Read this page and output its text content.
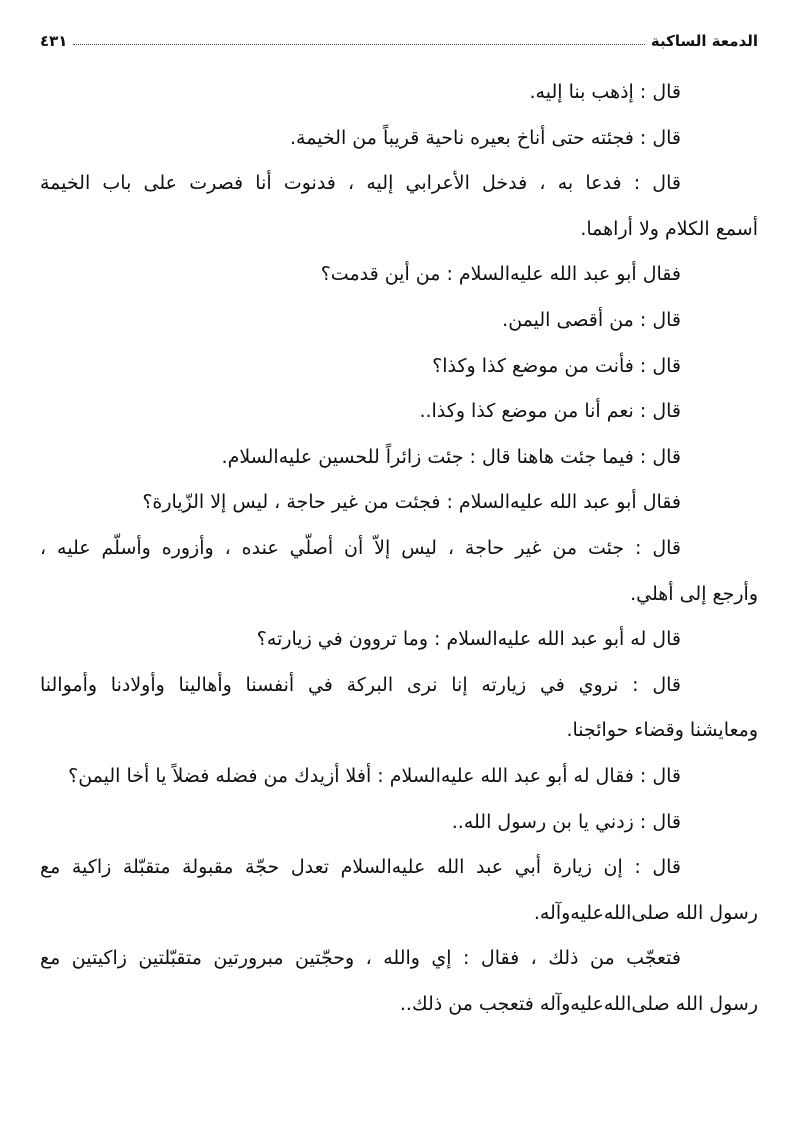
الدمعة الساكبة
٤٣١
قال : إذهب بنا إليه.
قال : فجئته حتى أناخ بعيره ناحية قريباً من الخيمة.
قال : فدعا به ، فدخل الأعرابي إليه ، فدنوت أنا فصرت على باب الخيمة
أسمع الكلام ولا أراهما.
فقال أبو عبد الله عليه‌السلام : من أين قدمت؟
قال : من أقصى اليمن.
قال : فأنت من موضع كذا وكذا؟
قال : نعم أنا من موضع كذا وكذا..
قال : فيما جئت هاهنا قال : جئت زائراً للحسين عليه‌السلام.
فقال أبو عبد الله عليه‌السلام : فجئت من غير حاجة ، ليس إلا الزّيارة؟
قال : جئت من غير حاجة ، ليس إلاّ أن أصلّي عنده ، وأزوره وأسلّم عليه ،
وأرجع إلى أهلي.
قال له أبو عبد الله عليه‌السلام : وما تروون في زيارته؟
قال : نروي في زيارته إنا نرى البركة في أنفسنا وأهالينا وأولادنا وأموالنا
ومعايشنا وقضاء حوائجنا.
قال : فقال له أبو عبد الله عليه‌السلام : أفلا أزيدك من فضله فضلاً يا أخا اليمن؟
قال : زدني يا بن رسول الله..
قال : إن زيارة أبي عبد الله عليه‌السلام تعدل حجّة مقبولة متقبّلة زاكية مع
رسول الله صلى‌الله‌عليه‌وآله.
فتعجّب من ذلك ، فقال : إي والله ، وحجّتين مبرورتين متقبّلتين زاكيتين مع
رسول الله صلى‌الله‌عليه‌وآله فتعجب من ذلك..
